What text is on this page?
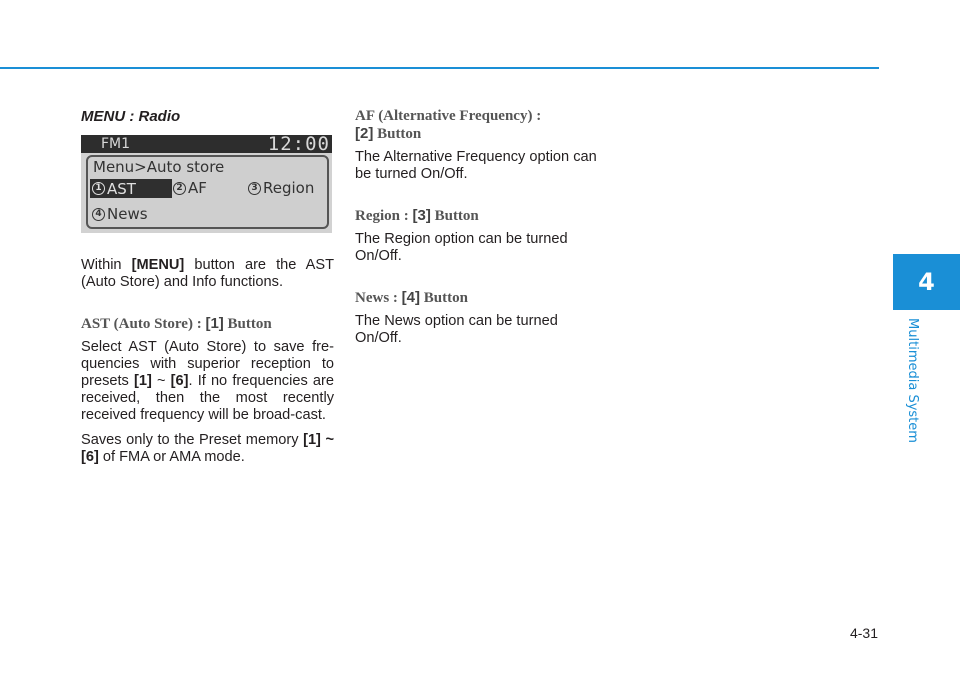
4
Multimedia System
4-31
MENU : Radio
FM1	12:00
Menu>Auto store
1 AST	2 AF	3 Region
4 News

Within [MENU] button are the AST (Auto Store) and Info functions.

AST (Auto Store) : [1] Button

Select AST (Auto Store) to save fre-quencies with superior reception to presets [1] ~ [6]. If no frequencies are received, then the most recently received frequency will be broad-cast.

Saves only to the Preset memory [1] ~ [6] of FMA or AMA mode.

AF (Alternative Frequency) :
[2] Button

The Alternative Frequency option can be turned On/Off.

Region : [3] Button

The Region option can be turned On/Off.

News : [4] Button

The News option can be turned On/Off.
